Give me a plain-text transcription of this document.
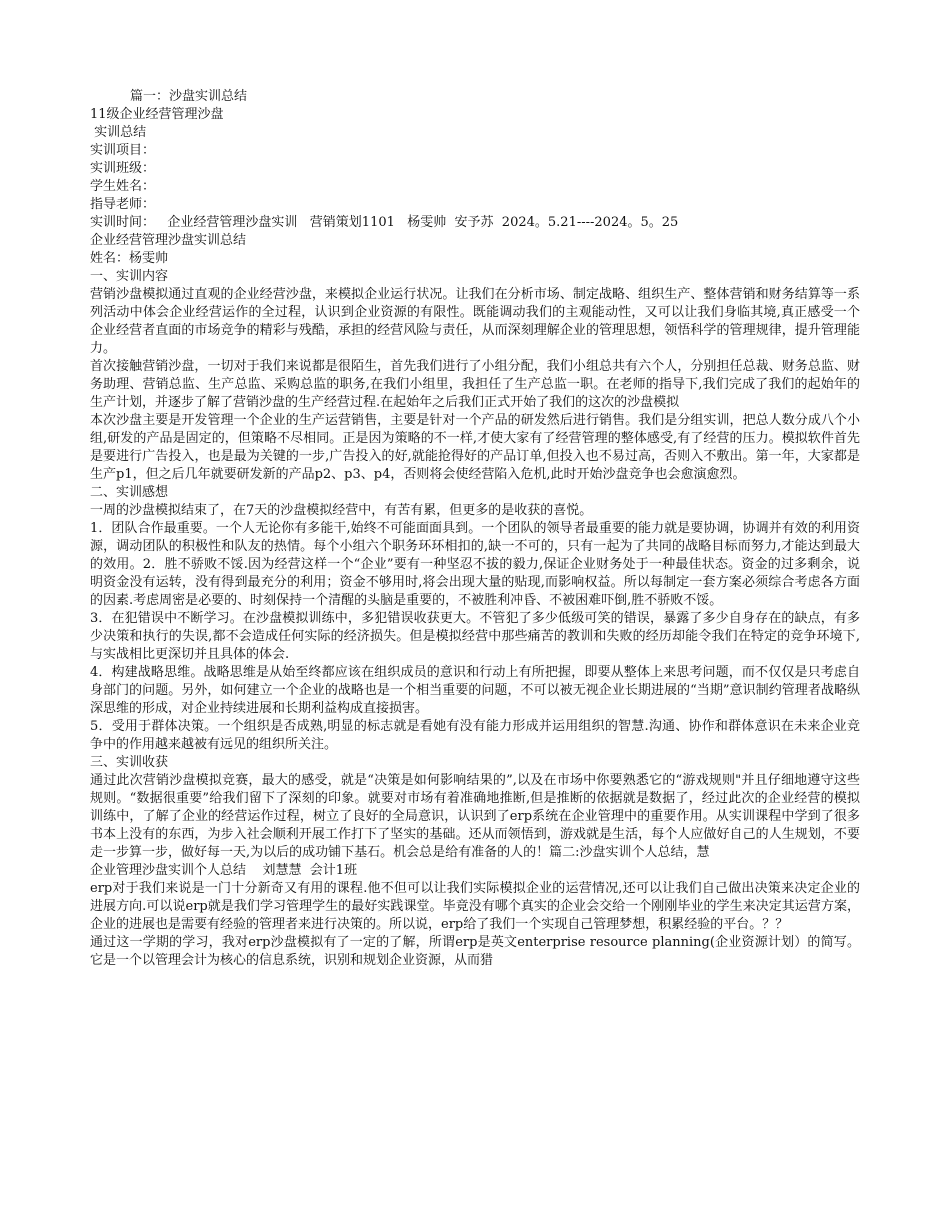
篇一：沙盘实训总结

11级企业经营管理沙盘

实训总结

实训项目：

实训班级：

学生姓名：

指导老师：

实训时间：   企业经营管理沙盘实训   营销策划1101   杨雯帅  安予苏  2024。5.21----2024。5。25

企业经营管理沙盘实训总结

姓名：杨雯帅

一、实训内容

营销沙盘模拟通过直观的企业经营沙盘，来模拟企业运行状况。让我们在分析市场、制定战略、组织生产、整体营销和财务结算等一系列活动中体会企业经营运作的全过程，认识到企业资源的有限性。既能调动我们的主观能动性，又可以让我们身临其境,真正感受一个企业经营者直面的市场竞争的精彩与残酷，承担的经营风险与责任，从而深刻理解企业的管理思想，领悟科学的管理规律，提升管理能力。

首次接触营销沙盘，一切对于我们来说都是很陌生，首先我们进行了小组分配，我们小组总共有六个人，分别担任总裁、财务总监、财务助理、营销总监、生产总监、采购总监的职务,在我们小组里，我担任了生产总监一职。在老师的指导下,我们完成了我们的起始年的生产计划，并逐步了解了营销沙盘的生产经营过程.在起始年之后我们正式开始了我们的这次的沙盘模拟

本次沙盘主要是开发管理一个企业的生产运营销售，主要是针对一个产品的研发然后进行销售。我们是分组实训，把总人数分成八个小组,研发的产品是固定的，但策略不尽相同。正是因为策略的不一样,才使大家有了经营管理的整体感受,有了经营的压力。模拟软件首先是要进行广告投入，也是最为关键的一步,广告投入的好,就能抢得好的产品订单,但投入也不易过高，否则入不敷出。第一年，大家都是生产p1，但之后几年就要研发新的产品p2、p3、p4，否则将会使经营陷入危机,此时开始沙盘竞争也会愈演愈烈。

二、实训感想

一周的沙盘模拟结束了，在7天的沙盘模拟经营中，有苦有累，但更多的是收获的喜悦。

1．团队合作最重要。一个人无论你有多能干,始终不可能面面具到。一个团队的领导者最重要的能力就是要协调，协调并有效的利用资源，调动团队的积极性和队友的热情。每个小组六个职务环环相扣的,缺一不可的，只有一起为了共同的战略目标而努力,才能达到最大的效用。2．胜不骄败不馁.因为经营这样一个“企业”要有一种坚忍不拔的毅力,保证企业财务处于一种最佳状态。资金的过多剩余，说明资金没有运转，没有得到最充分的利用；资金不够用时,将会出现大量的贴现,而影响权益。所以每制定一套方案必须综合考虑各方面的因素.考虑周密是必要的、时刻保持一个清醒的头脑是重要的，不被胜利冲昏、不被困难吓倒,胜不骄败不馁。

3．在犯错误中不断学习。在沙盘模拟训练中，多犯错误收获更大。不管犯了多少低级可笑的错误，暴露了多少自身存在的缺点，有多少决策和执行的失误,都不会造成任何实际的经济损失。但是模拟经营中那些痛苦的教训和失败的经历却能令我们在特定的竞争环境下,与实战相比更深切并且具体的体会.

4．构建战略思维。战略思维是从始至终都应该在组织成员的意识和行动上有所把握，即要从整体上来思考问题，而不仅仅是只考虑自身部门的问题。另外，如何建立一个企业的战略也是一个相当重要的问题，不可以被无视企业长期进展的“当期”意识制约管理者战略纵深思维的形成，对企业持续进展和长期利益构成直接损害。

5．受用于群体决策。一个组织是否成熟,明显的标志就是看她有没有能力形成并运用组织的智慧.沟通、协作和群体意识在未来企业竞争中的作用越来越被有远见的组织所关注。

三、实训收获

通过此次营销沙盘模拟竞赛，最大的感受，就是“决策是如何影响结果的”,以及在市场中你要熟悉它的“游戏规则"并且仔细地遵守这些规则。“数据很重要”给我们留下了深刻的印象。就要对市场有着准确地推断,但是推断的依据就是数据了，经过此次的企业经营的模拟训练中，了解了企业的经营运作过程，树立了良好的全局意识，认识到了erp系统在企业管理中的重要作用。从实训课程中学到了很多书本上没有的东西，为步入社会顺利开展工作打下了坚实的基础。还从而领悟到，游戏就是生活，每个人应做好自己的人生规划，不要走一步算一步，做好每一天,为以后的成功铺下基石。机会总是给有准备的人的！篇二:沙盘实训个人总结，慧

企业管理沙盘实训个人总结    刘慧慧  会计1班

erp对于我们来说是一门十分新奇又有用的课程.他不但可以让我们实际模拟企业的运营情况,还可以让我们自己做出决策来决定企业的进展方向.可以说erp就是我们学习管理学生的最好实践课堂。毕竟没有哪个真实的企业会交给一个刚刚毕业的学生来决定其运营方案，企业的进展也是需要有经验的管理者来进行决策的。所以说，erp给了我们一个实现自己管理梦想，积累经验的平台。？？

通过这一学期的学习，我对erp沙盘模拟有了一定的了解，所谓erp是英文enterprise resource planning(企业资源计划）的简写。它是一个以管理会计为核心的信息系统，识别和规划企业资源，从而猎
